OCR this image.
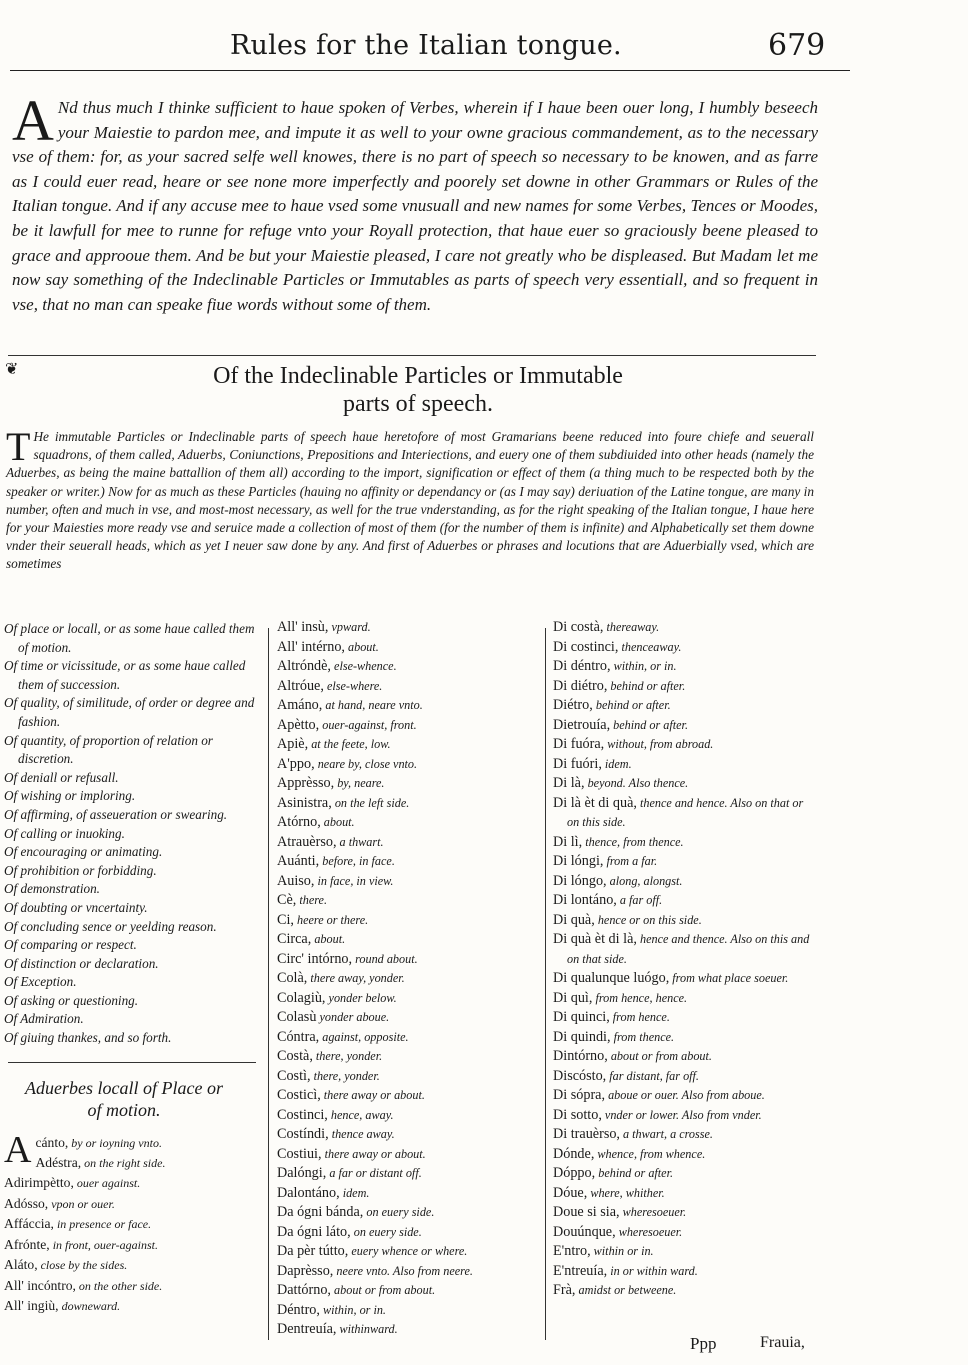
Rules for the Italian tongue.	679
A Nd thus much I thinke sufficient to haue spoken of Verbes, wherein if I haue been ouer long, I humbly beseech your Maiestie to pardon mee, and impute it as well to your owne gracious commandement, as to the necessary vse of them: for, as your sacred selfe well knowes, there is no part of speech so necessary to be knowen, and as farre as I could euer read, heare or see none more imperfectly and poorely set downe in other Grammars or Rules of the Italian tongue. And if any accuse mee to haue vsed some vnusuall and new names for some Verbes, Tences or Moodes, be it lawfull for mee to runne for refuge vnto your Royall protection, that haue euer so graciously beene pleased to grace and approoue them. And be but your Maiestie pleased, I care not greatly who be displeased. But Madam let me now say something of the Indeclinable Particles or Immutables as parts of speech very essentiall, and so frequent in vse, that no man can speake fiue words without some of them.
❦	Of the Indeclinable Particles or Immutable
parts of speech.
T He immutable Particles or Indeclinable parts of speech haue heretofore of most Gramarians beene reduced into foure chiefe and seuerall squadrons, of them called, Aduerbs, Coniunctions, Prepositions and Interiections, and euery one of them subdiuided into other heads (namely the Aduerbes, as being the maine battallion of them all) according to the import, signification or effect of them (a thing much to be respected both by the speaker or writer.) Now for as much as these Particles (hauing no affinity or dependancy or (as I may say) deriuation of the Latine tongue, are many in number, often and much in vse, and most-most necessary, as well for the true vnderstanding, as for the right speaking of the Italian tongue, I haue here for your Maiesties more ready vse and seruice made a collection of most of them (for the number of them is infinite) and Alphabetically set them downe vnder their seuerall heads, which as yet I neuer saw done by any. And first of Aduerbes or phrases and locutions that are Aduerbially vsed, which are sometimes
Of place or locall, or as some haue called them of motion.
Of time or vicissitude, or as some haue called them of succession.
Of quality, of similitude, of order or degree and fashion.
Of quantity, of proportion of relation or discretion.
Of deniall or refusall.
Of wishing or imploring.
Of affirming, of asseueration or swearing.
Of calling or inuoking.
Of encouraging or animating.
Of prohibition or forbidding.
Of demonstration.
Of doubting or vncertainty.
Of concluding sence or yeelding reason.
Of comparing or respect.
Of distinction or declaration.
Of Exception.
Of asking or questioning.
Of Admiration.
Of giuing thankes, and so forth.
Aduerbes locall of Place or
of motion.
Acánto, by or ioyning vnto.
Adéstra, on the right side.
Adirimpètto, ouer against.
Adósso, vpon or ouer.
Affáccia, in presence or face.
Afrónte, in front, ouer-against.
Aláto, close by the sides.
All' incóntro, on the other side.
All' ingiù, downeward.
All' insù, vpward.
All' intérno, about.
Altróndè, else-whence.
Altróue, else-where.
Amáno, at hand, neare vnto.
Apètto, ouer-against, front.
Apiè, at the feete, low.
A'ppo, neare by, close vnto.
Apprèsso, by, neare.
Asinistra, on the left side.
Atórno, about.
Atrauèrso, a thwart.
Auánti, before, in face.
Auiso, in face, in view.
Cè, there.
Ci, heere or there.
Circa, about.
Circ' intórno, round about.
Colà, there away, yonder.
Colagiù, yonder below.
Colasù yonder aboue.
Cóntra, against, opposite.
Costà, there, yonder.
Costì, there, yonder.
Costicì, there away or about.
Costinci, hence, away.
Costíndi, thence away.
Costiui, there away or about.
Dalóngi, a far or distant off.
Dalontáno, idem.
Da ógni bánda, on euery side.
Da ógni láto, on euery side.
Da pèr tútto, euery whence or where.
Daprèsso, neere vnto. Also from neere.
Dattórno, about or from about.
Déntro, within, or in.
Dentreuía, withinward.
Di costà, thereaway.
Di costinci, thenceaway.
Di déntro, within, or in.
Di diétro, behind or after.
Diétro, behind or after.
Dietrouía, behind or after.
Di fuóra, without, from abroad.
Di fuóri, idem.
Di là, beyond. Also thence.
Di là èt di quà, thence and hence. Also on that or on this side.
Di lì, thence, from thence.
Di lóngi, from a far.
Di lóngo, along, alongst.
Di lontáno, a far off.
Di quà, hence or on this side.
Di quà èt di là, hence and thence. Also on this and on that side.
Di qualunque luógo, from what place soeuer.
Di quì, from hence, hence.
Di quinci, from hence.
Di quindi, from thence.
Dintórno, about or from about.
Discósto, far distant, far off.
Di sópra, aboue or ouer. Also from aboue.
Di sotto, vnder or lower. Also from vnder.
Di trauèrso, a thwart, a crosse.
Dónde, whence, from whence.
Dóppo, behind or after.
Dóue, where, whither.
Doue si sia, wheresoeuer.
Douúnque, wheresoeuer.
E'ntro, within or in.
E'ntreuía, in or within ward.
Frà, amidst or betweene.
Ppp	Frauia,
